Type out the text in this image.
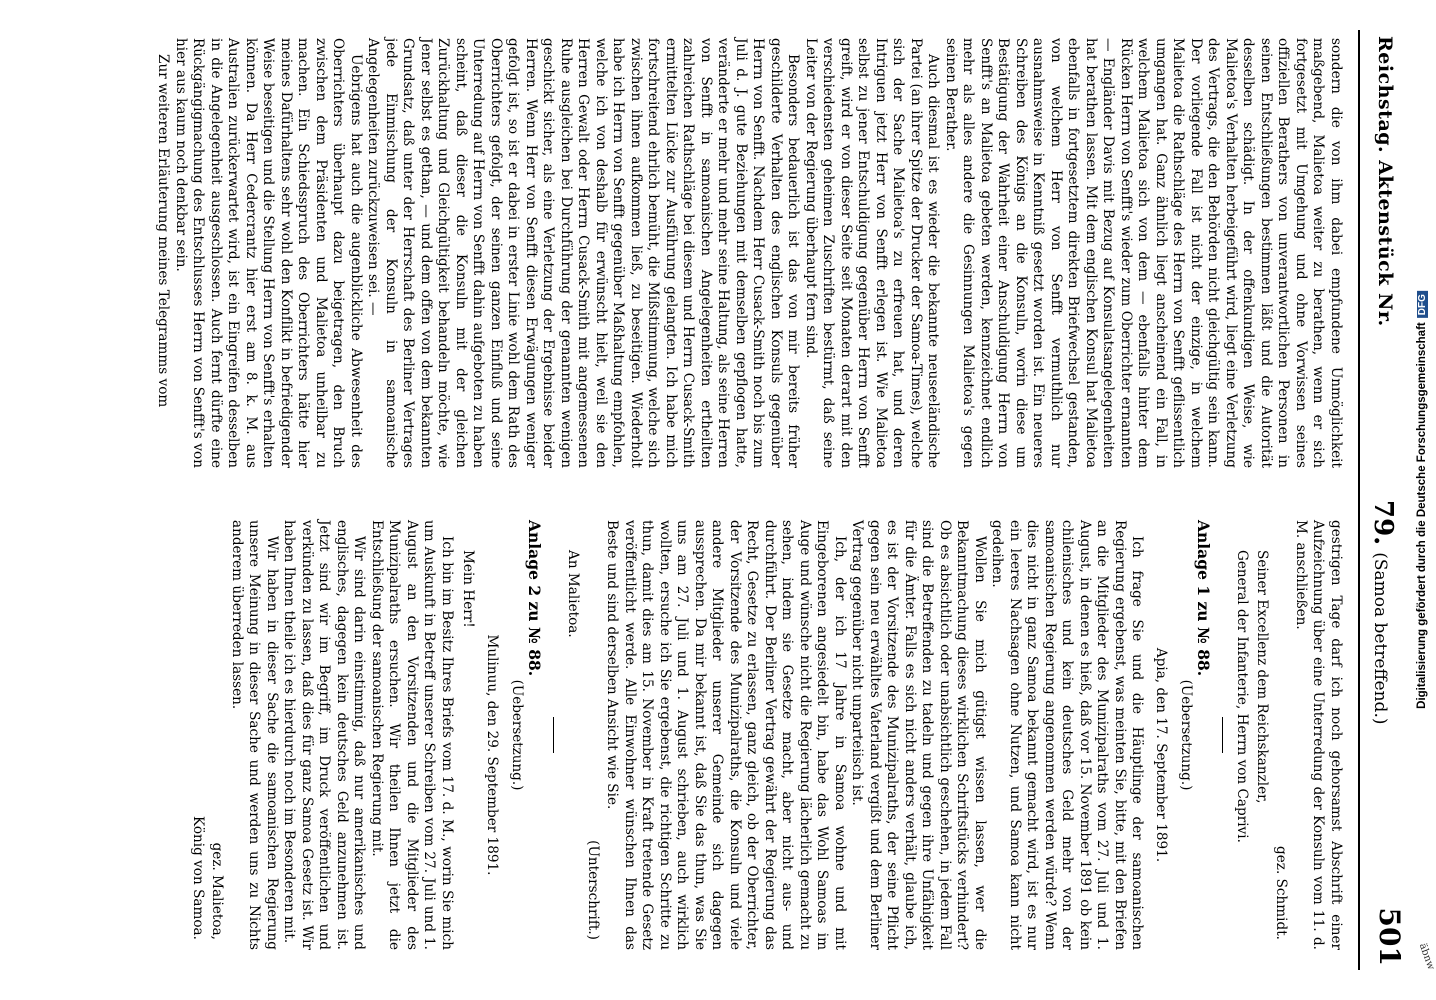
äbnw
Reichstag. Aktenstück Nr.
79. (Samoa betreffend.)
501

sondern die von ihm dabei empfundene Unmöglichkeit maßgebend, Malietoa weiter zu berathen, wenn er sich fortgesetzt mit Umgehung und ohne Vorwissen seines offiziellen Berathers von unverantwortlichen Personen in seinen Entschließungen bestimmen läßt und die Autorität desselben schädigt. In der offenkundigen Weise, wie Malietoa's Verhalten herbeigeführt wird, liegt eine Verletzung des Vertrags, die den Behörden nicht gleichgültig sein kann. Der vorliegende Fall ist nicht der einzige, in welchem Malietoa die Rathschläge des Herrn von Senfft geflissentlich umgangen hat. Ganz ähnlich liegt anscheinend ein Fall, in welchem Malietoa sich von dem — ebenfalls hinter dem Rücken Herrn von Senfft's wieder zum Oberrichter ernannten — Engländer Davis mit Bezug auf Konsulatsangelegenheiten hat berathen lassen. Mit dem englischen Konsul hat Malietoa ebenfalls in fortgesetztem direkten Briefwechsel gestanden, von welchem Herr von Senfft vermuthlich nur ausnahmsweise in Kenntniß gesetzt worden ist. Ein neueres Schreiben des Königs an die Konsuln, worin diese um Bestätigung der Wahrheit einer Anschuldigung Herrn von Senfft's an Malietoa gebeten werden, kennzeichnet endlich mehr als alles andere die Gesinnungen Malietoa's gegen seinen Berather.

Auch diesmal ist es wieder die bekannte neuseeländische Partei (an ihrer Spitze der Drucker der Samoa-Times), welche sich der Sache Malietoa's zu erfreuen hat, und deren Intriguen jetzt Herr von Senfft erlegen ist. Wie Malietoa selbst zu jener Entschuldigung gegenüber Herrn von Senfft greift, wird er von dieser Seite seit Monaten derart mit den verschiedensten geheimen Zuschriften bestürmt, daß seine Leiter von der Regierung überhaupt fern sind.

Besonders bedauerlich ist das von mir bereits früher geschilderte Verhalten des englischen Konsuls gegenüber Herrn von Senfft. Nachdem Herr Cusack-Smith noch bis zum Juli d. J. gute Beziehungen mit demselben gepflogen hatte, veränderte er mehr und mehr seine Haltung, als seine Herren von Senfft in samoanischen Angelegenheiten ertheilten zahlreichen Rathschläge bei diesem und Herrn Cusack-Smith ermittelten Lücke zur Ausführung gelangten. Ich habe mich fortschreitend ehrlich bemüht, die Mißstimmung, welche sich zwischen ihnen aufkommen ließ, zu beseitigen. Wiederholt habe ich Herrn von Senfft gegenüber Maßhaltung empfohlen, welche ich von deshalb für erwünscht hielt, weil sie den Herren Gewalt oder Herrn Cusack-Smith mit angemessenen Ruhe ausgleichen bei Durchführung der genannten wenigen geschickt sicher, als eine Verletzung der Ergebnisse beider Herren. Wenn Herr von Senfft diesen Erwägungen weniger gefolgt ist, so ist er dabei in erster Linie wohl dem Rath des Oberrichters gefolgt, der seinen ganzen Einfluß und seine Unterredung auf Herrn von Senfft dahin aufgeboten zu haben scheint, daß dieser die Konsuln mit der gleichen Zurückhaltung und Gleichgültigkeit behandeln möchte, wie Jener selbst es gethan, — und dem offen von dem bekannten Grundsatz, daß unter der Herrschaft des Berliner Vertrages jede Einmischung der Konsuln in samoanische Angelegenheiten zurückzuweisen sei. —

Uebrigens hat auch die augenblickliche Abwesenheit des Oberrichters überhaupt dazu beigetragen, den Bruch zwischen dem Präsidenten und Malietoa unheilbar zu machen. Ein Schiedsspruch des Oberrichters hätte hier meines Dafürhaltens sehr wohl den Konflikt in befriedigender Weise beseitigen und die Stellung Herrn von Senfft's erhalten können. Da Herr Cedercrantz hier erst am 8. k. M. aus Australien zurückerwartet wird, ist ein Eingreifen desselben in die Angelegenheit ausgeschlossen. Auch fernt dürfte eine Rückgängigmachung des Entschlusses Herrn von Senfft's von hier aus kaum noch denkbar sein.

Zur weiteren Erläuterung meines Telegramms vom

gestrigen Tage darf ich noch gehorsamst Abschrift einer Aufzeichnung über eine Unterredung der Konsuln vom 11. d. M. anschließen.

gez. Schmidt.
Seiner Excellenz dem Reichskanzler,
General der Infanterie, Herrn von Caprivi.
Anlage 1 zu № 88.
(Uebersetzung.)
Apia, den 17. September 1891.

Ich frage Sie und die Häuptlinge der samoanischen Regierung ergebenst, was meinten Sie, bitte, mit den Briefen an die Mitglieder des Munizipalraths vom 27. Juli und 1. August, in denen es hieß, daß vor 15. November 1891 ob kein chilenisches und kein deutsches Geld mehr von der samoanischen Regierung angenommen werden würde? Wenn dies nicht in ganz Samoa bekannt gemacht wird, ist es nur ein leeres Nachsagen ohne Nutzen, und Samoa kann nicht gedeihen.

Wollen Sie mich gütigst wissen lassen, wer die Bekanntmachung dieses wirklichen Schriftstücks verhindert? Ob es absichtlich oder unabsichtlich geschehen, in jedem Fall sind die Betreffenden zu tadeln und gegen ihre Unfähigkeit für die Ämter. Falls es sich nicht anders verhält, glaube ich, es ist der Vorsitzende des Munizipalraths, der seine Pflicht gegen sein neu erwähltes Vaterland vergißt und dem Berliner Vertrag gegenüber nicht unparteiisch ist.

Ich, der ich 17 Jahre in Samoa wohne und mit Eingeborenen angesiedelt bin, habe das Wohl Samoas im Auge und wünsche nicht die Regierung lächerlich gemacht zu sehen, indem sie Gesetze macht, aber nicht aus- und durchführt. Der Berliner Vertrag gewährt der Regierung das Recht, Gesetze zu erlassen, ganz gleich, ob der Oberrichter, der Vorsitzende des Munizipalraths, die Konsuln und viele andere Mitglieder unserer Gemeinde sich dagegen aussprechen. Da mir bekannt ist, daß Sie das thun, was Sie uns am 27. Juli und 1. August schrieben, auch wirklich wollten, ersuche ich Sie ergebenst, die richtigen Schritte zu thun, damit dies am 15. November in Kraft tretende Gesetz veröffentlicht werde. Alle Einwohner wünschen Ihnen das Beste und sind derselben Ansicht wie Sie.

(Unterschrift.)
An Malietoa.
Anlage 2 zu № 88.
(Uebersetzung.)
Mulinuu, den 29. September 1891.
Mein Herr!

Ich bin im Besitz Ihres Briefs vom 17. d. M., worin Sie mich um Auskunft in Betreff unserer Schreiben vom 27. Juli und 1. August an den Vorsitzenden und die Mitglieder des Munizipalraths ersuchen. Wir theilen Ihnen jetzt die Entschließung der samoanischen Regierung mit.

Wir sind darin einstimmig, daß nur amerikanisches und englisches, dagegen kein deutsches Geld anzunehmen ist. Jetzt sind wir im Begriff, im Druck veröffentlichen und verkünden zu lassen, daß dies für ganz Samoa Gesetz ist. Wir haben Ihnen theile ich es hierdurch noch im Besonderen mit.

Wir haben in dieser Sache die samoanischen Regierung unsere Meinung in dieser Sache und werden uns zu Nichts anderem überreden lassen.

gez. Malietoa,
König von Samoa.
Digitalisierung gefördert durch die Deutsche ForschungsgemeinschaftDFG
